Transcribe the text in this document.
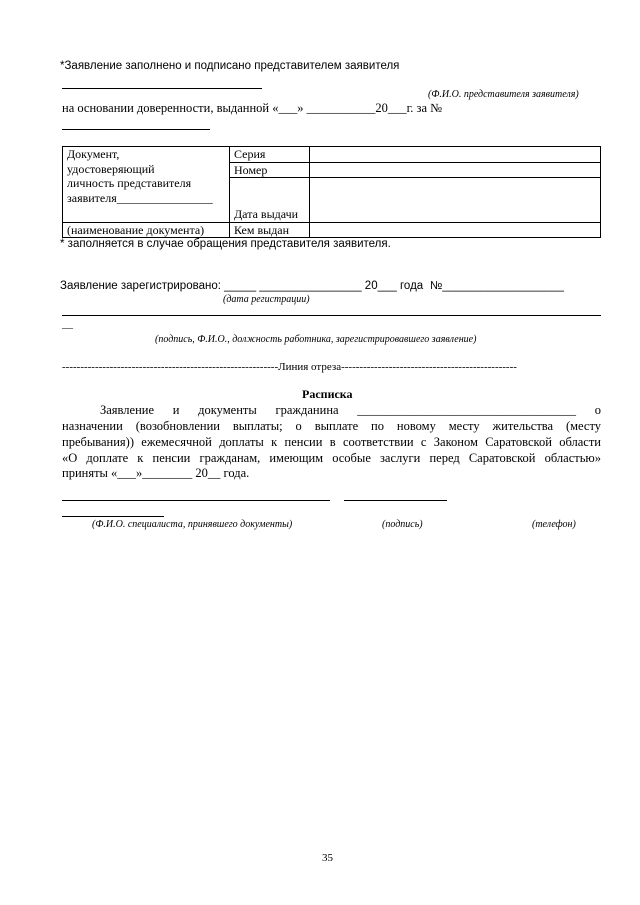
*Заявление заполнено и подписано представителем заявителя
(Ф.И.О. представителя заявителя)
на основании доверенности, выданной «___» ___________20___г. за №
Документ,
удостоверяющий
личность представителя
заявителя________________	Серия	
	Номер	

	Дата выдачи	
(наименование документа)	Кем выдан	
* заполняется в случае обращения представителя заявителя.
Заявление зарегистрировано: _____ ________________ 20___ года №___________________
(дата регистрации)
__
(подпись, Ф.И.О., должность работника, зарегистрировавшего заявление)
-----------------------------------------------------------Линия отреза------------------------------------------------
Расписка
Заявление и документы гражданина ___________________________________ о
назначении (возобновлении выплаты; о выплате по новому месту жительства (месту
пребывания)) ежемесячной доплаты к пенсии в соответствии с Законом Саратовской области
«О доплате к пенсии гражданам, имеющим особые заслуги перед Саратовской областью»
приняты «___»________ 20__ года.
(Ф.И.О. специалиста, принявшего документы)	(подпись)	(телефон)
35
